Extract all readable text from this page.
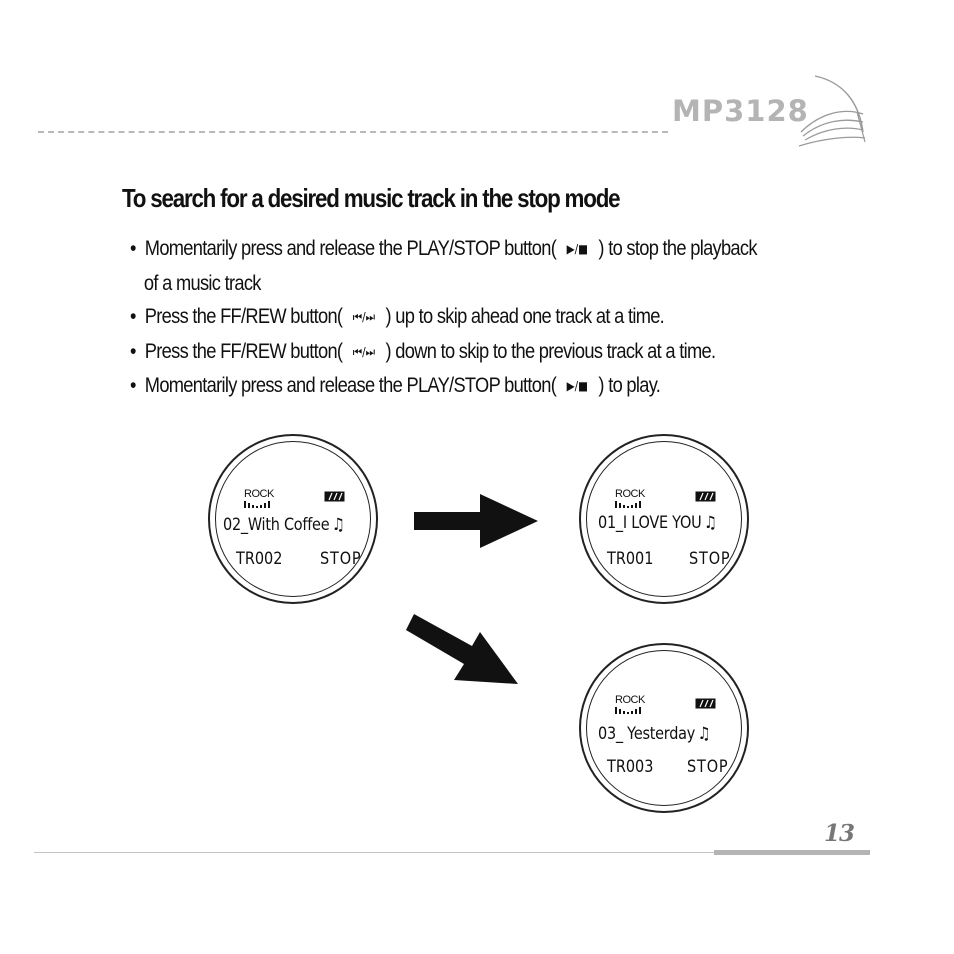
MP3128
To search for a desired music track in the stop mode
• Momentarily press and release the PLAY/STOP button( ▶/■ ) to stop the playback
of a music track
• Press the FF/REW button( ⏮/⏭ ) up to skip ahead one track at a time.
• Press the FF/REW button( ⏮/⏭ ) down to skip to the previous track at a time.
• Momentarily press and release the PLAY/STOP button( ▶/■ ) to play.
ROCK
02_With Coffee ♫
TR002 STOP
ROCK
01_I LOVE YOU ♫
TR001 STOP
ROCK
03_ Yesterday ♫
TR003 STOP
13
